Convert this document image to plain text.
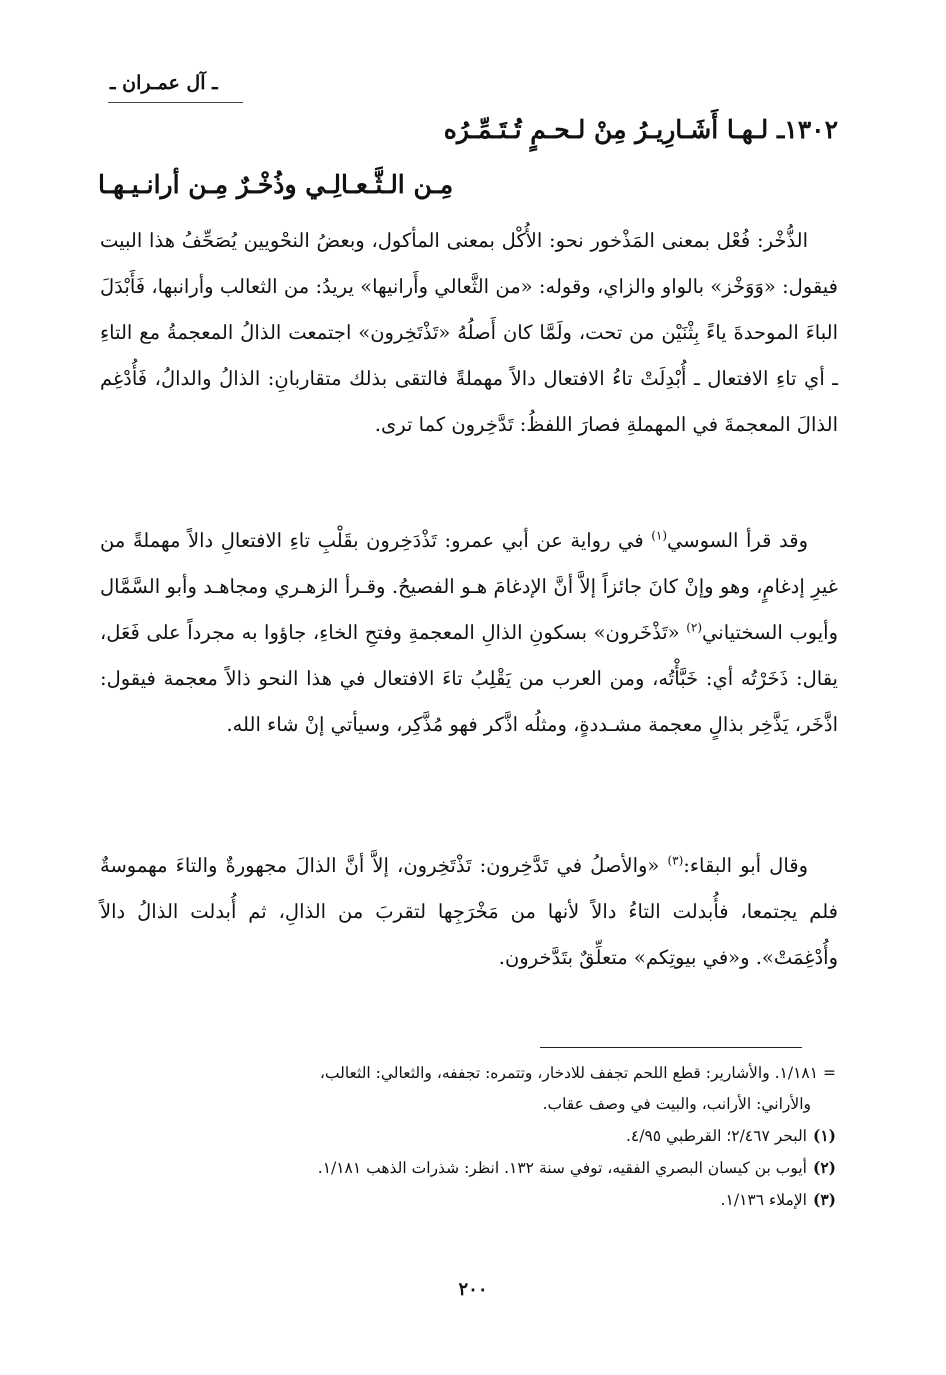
ـ آل عمـران ـ
١٣٠٢ـ لـهـا أَشَـارِيـرُ مِنْ لـحـمٍ تُـتَـمِّـرُه
مِـن الـثَّـعـالِـي وذُخْـرٌ مِـن أرانـيـهـا

الذُّخْر: فُعْل بمعنى المَذْخور نحو: الأُكْل بمعنى المأكول، وبعضُ النحْويين يُصَحِّفُ هذا البيت فيقول: «وَوَخْز» بالواو والزاي، وقوله: «من الثَّعالي وأَرانيها» يريدُ: من الثعالب وأرانبها، فَأَبْدَلَ الباءَ الموحدةَ ياءً بِثْنَيْن من تحت، ولَمَّا كان أَصلُهُ «تَذْتَخِرون» اجتمعت الذالُ المعجمةُ مع التاءِ ـ أي تاءِ الافتعال ـ أُبْدِلَتْ تاءُ الافتعال دالاً مهملةً فالتقى بذلك متقاربانِ: الذالُ والدالُ، فَأُدْغِم الذالَ المعجمةَ في المهملةِ فصارَ اللفظُ: تَدَّخِرون كما ترى.

وقد قرأ السوسي$^{(١)}$ في رواية عن أبي عمرو: تَذْدَخِرون بقَلْبِ تاءِ الافتعالِ دالاً مهملةً من غيرِ إدغامٍ، وهو وإنْ كانَ جائزاً إلاَّ أنَّ الإدغامَ هـو الفصيحُ. وقـرأ الزهـري ومجاهـد وأبو السَّمَّال وأيوب السختياني$^{(٢)}$ «تَذْخَرون» بسكونِ الذالِ المعجمةِ وفتحِ الخاءِ، جاؤوا به مجرداً على فَعَل، يقال: ذَخَرْتُه أي: خَبَّأْتُه، ومن العرب من يَقْلِبُ تاءَ الافتعال في هذا النحو ذالاً معجمة فيقول: اذَّخَر، يَذَّخِر بذالٍ معجمة مشـددةٍ، ومثلُه اذَّكر فهو مُذَّكِر، وسيأتي إنْ شاء الله.

وقال أبو البقاء:$^{(٣)}$ «والأصلُ في تَدَّخِرون: تَذْتَخِرون، إلاَّ أنَّ الذالَ مجهورةٌ والتاءَ مهموسةٌ فلم يجتمعا، فأُبدلت التاءُ دالاً لأنها من مَخْرَجِها لتقربَ من الذالِ، ثم أُبدلت الذالُ دالاً وأُدْغِمَتْ». و«في بيوتِكم» متعلِّقٌ بتَدَّخرون.

= ١/١٨١. والأشارير: قطع اللحم تجفف للادخار، وتتمره: تجففه، والثعالي: الثعالب،
والأراني: الأرانب، والبيت في وصف عقاب.
(١)البحر ٢/٤٦٧؛ القرطبي ٤/٩٥.
(٢)أيوب بن كيسان البصري الفقيه، توفي سنة ١٣٢. انظر: شذرات الذهب ١/١٨١.
(٣)الإملاء ١/١٣٦.
٢٠٠
